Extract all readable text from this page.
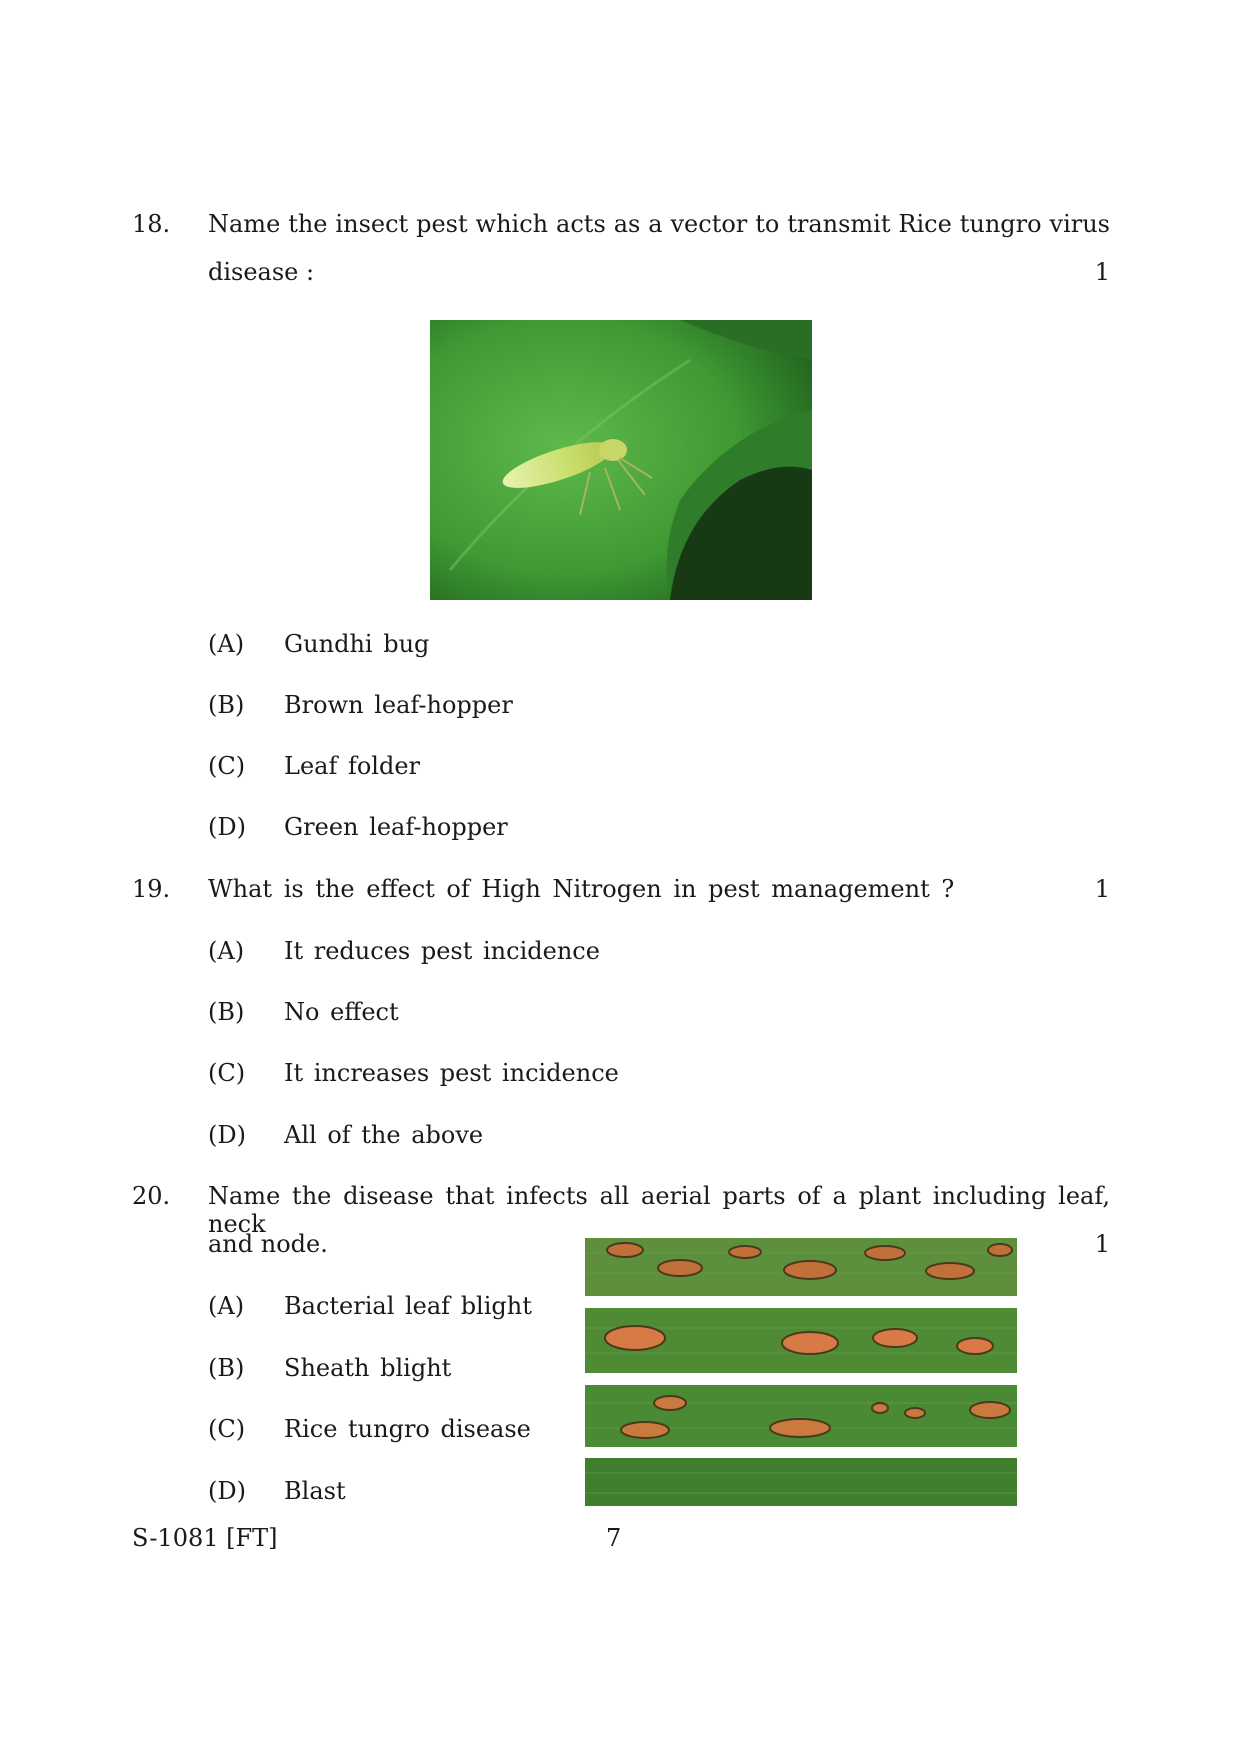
18. Name the insect pest which acts as a vector to transmit Rice tungro virus
disease :	1
(A) Gundhi bug
(B) Brown leaf-hopper
(C) Leaf folder
(D) Green leaf-hopper
19. What is the effect of High Nitrogen in pest management ?	1
(A) It reduces pest incidence
(B) No effect
(C) It increases pest incidence
(D) All of the above
20. Name the disease that infects all aerial parts of a plant including leaf, neck
and node.	1
(A) Bacterial leaf blight
(B) Sheath blight
(C) Rice tungro disease
(D) Blast
S-1081 [FT]	7
